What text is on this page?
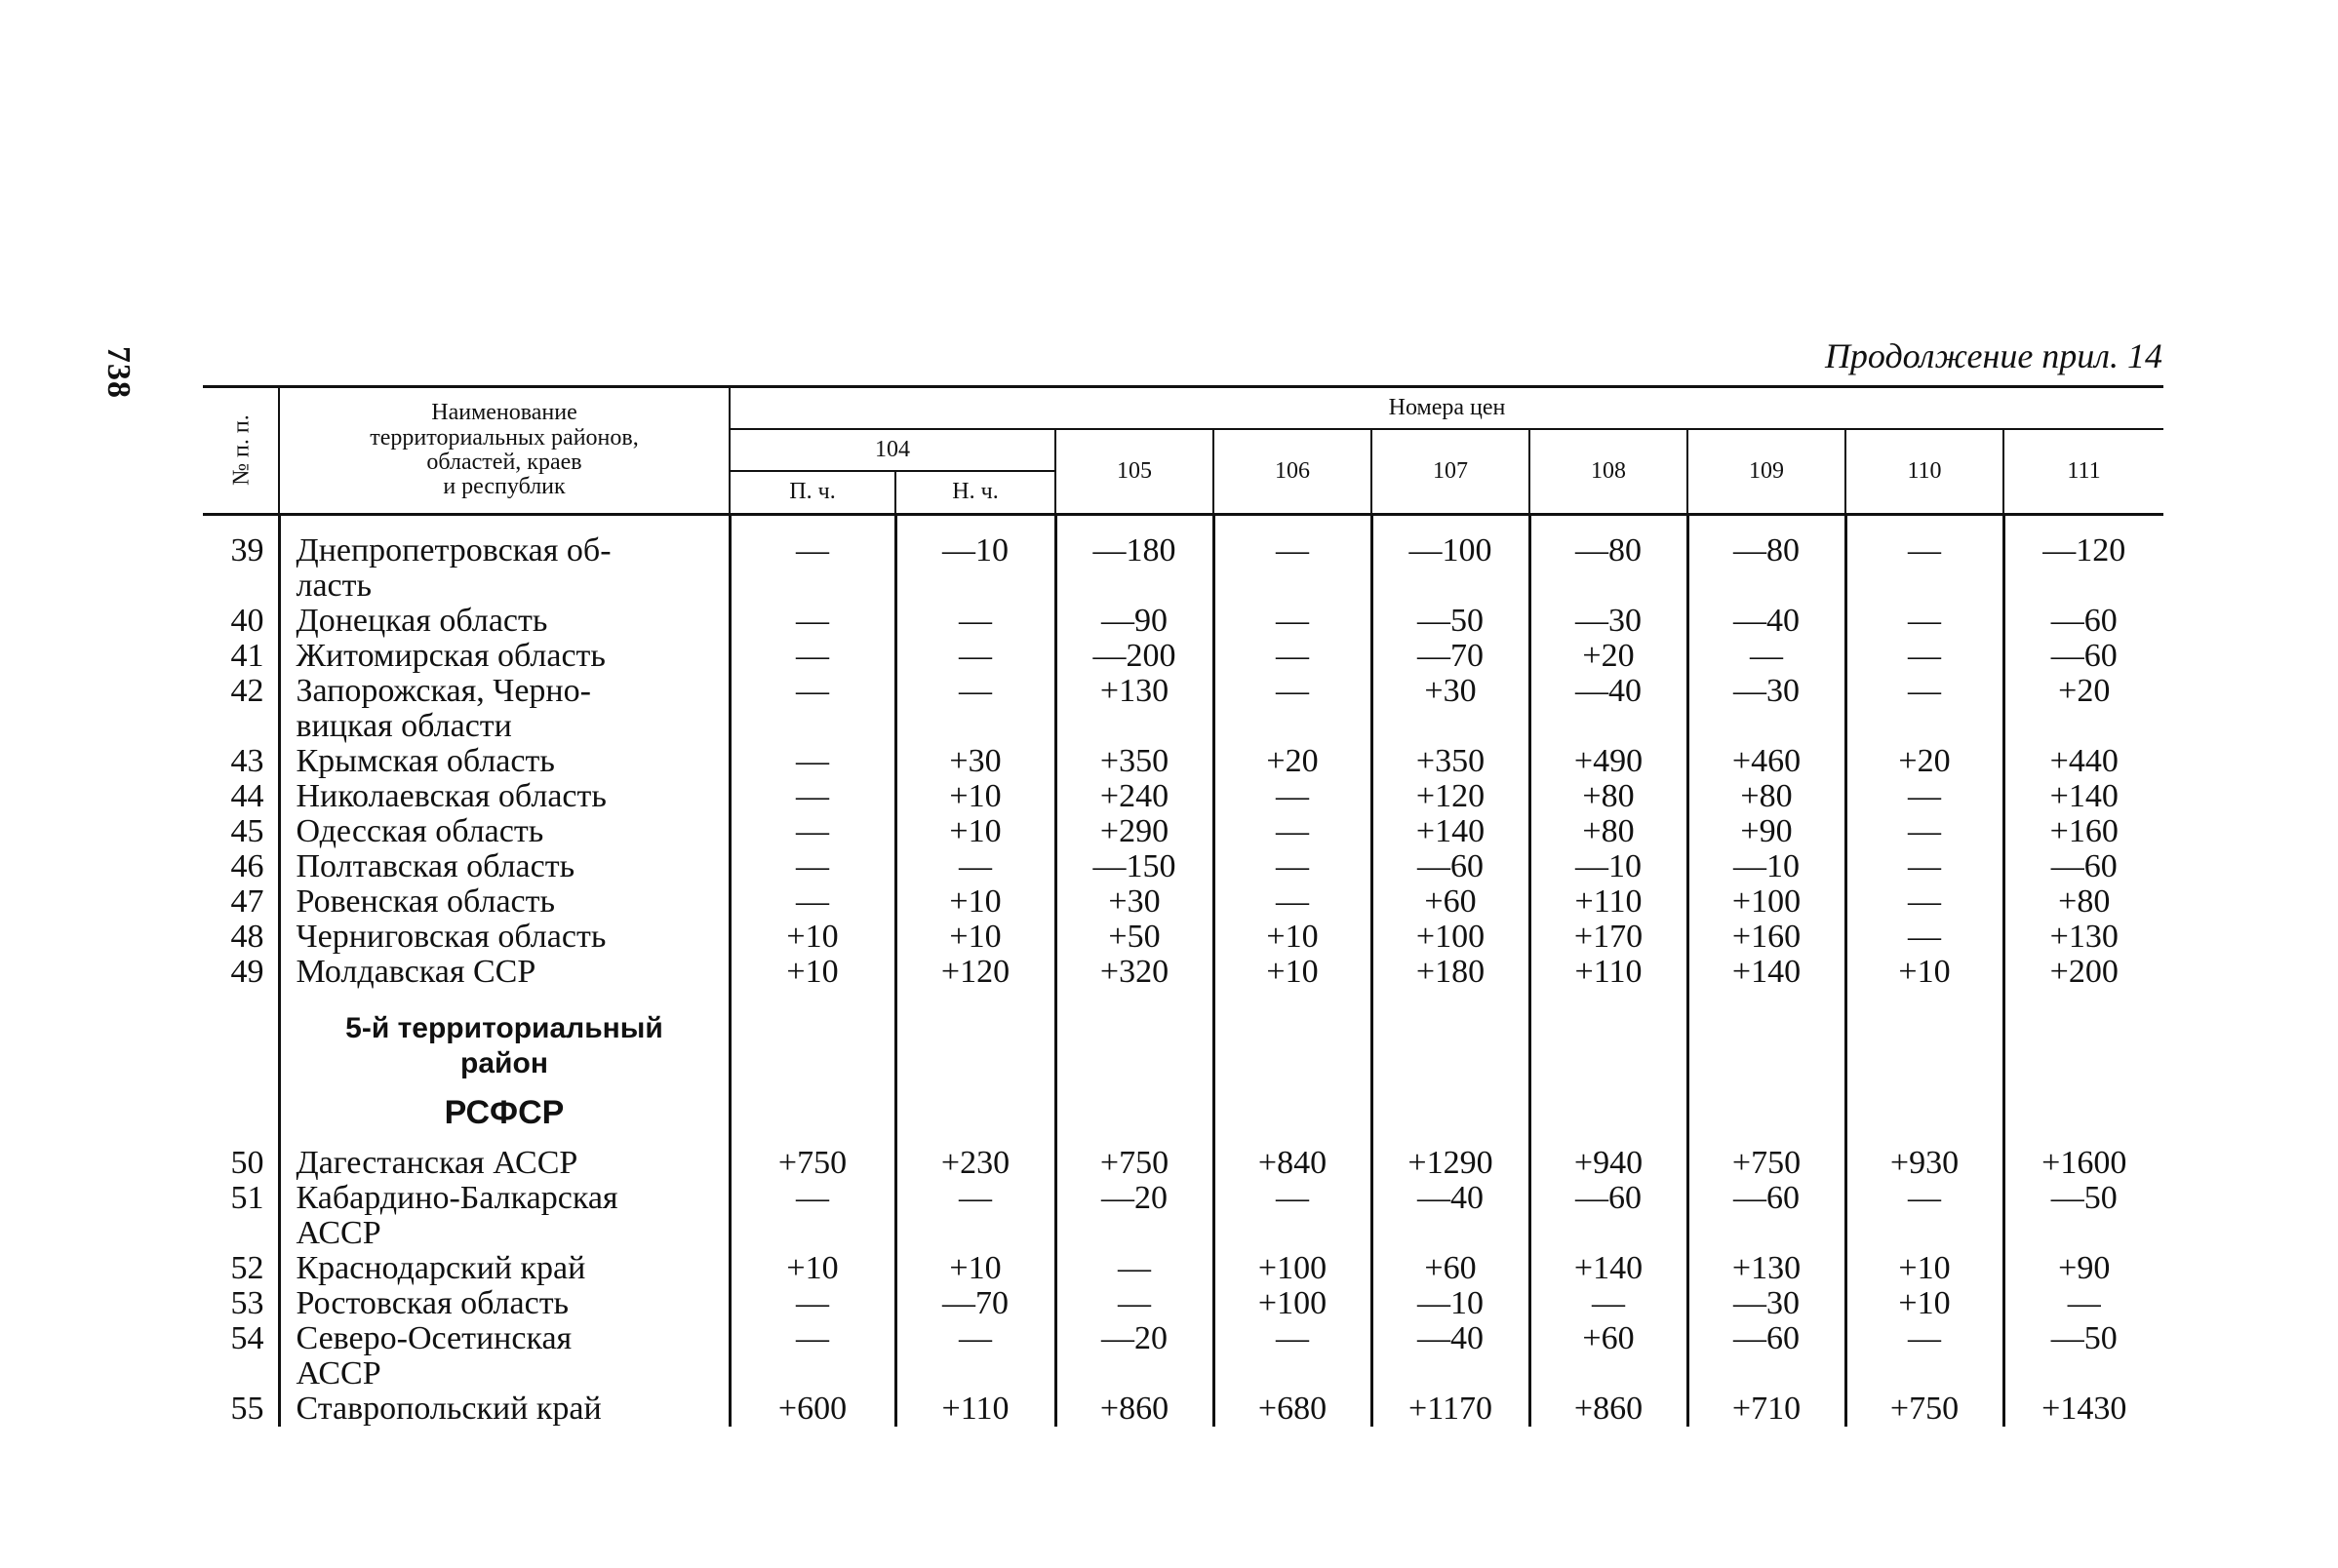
738	Продолжение прил. 14
№ п. п.	Наименование
территориальных районов,
областей, краев
и республик	Номера цен								
		104		105	106	107	108	109	110	111
		П. ч.	Н. ч.							

39	Днепропетровская об-
ласть	—	—10	—180	—	—100	—80	—80	—	—120
40	Донецкая область	—	—	—90	—	—50	—30	—40	—	—60
41	Житомирская область	—	—	—200	—	—70	+20	—	—	—60
42	Запорожская, Черно-
вицкая области	—	—	+130	—	+30	—40	—30	—	+20
43	Крымская область	—	+30	+350	+20	+350	+490	+460	+20	+440
44	Николаевская область	—	+10	+240	—	+120	+80	+80	—	+140
45	Одесская область	—	+10	+290	—	+140	+80	+90	—	+160
46	Полтавская область	—	—	—150	—	—60	—10	—10	—	—60
47	Ровенская область	—	+10	+30	—	+60	+110	+100	—	+80
48	Черниговская область	+10	+10	+50	+10	+100	+170	+160	—	+130
49	Молдавская ССР	+10	+120	+320	+10	+180	+110	+140	+10	+200

	5-й территориальный
район
РСФСР									

50	Дагестанская АССР	+750	+230	+750	+840	+1290	+940	+750	+930	+1600
51	Кабардино-Балкарская
АССР	—	—	—20	—	—40	—60	—60	—	—50
52	Краснодарский край	+10	+10	—	+100	+60	+140	+130	+10	+90
53	Ростовская область	—	—70	—	+100	—10	—	—30	+10	—
54	Северо-Осетинская
АССР	—	—	—20	—	—40	+60	—60	—	—50
55	Ставропольский край	+600	+110	+860	+680	+1170	+860	+710	+750	+1430
